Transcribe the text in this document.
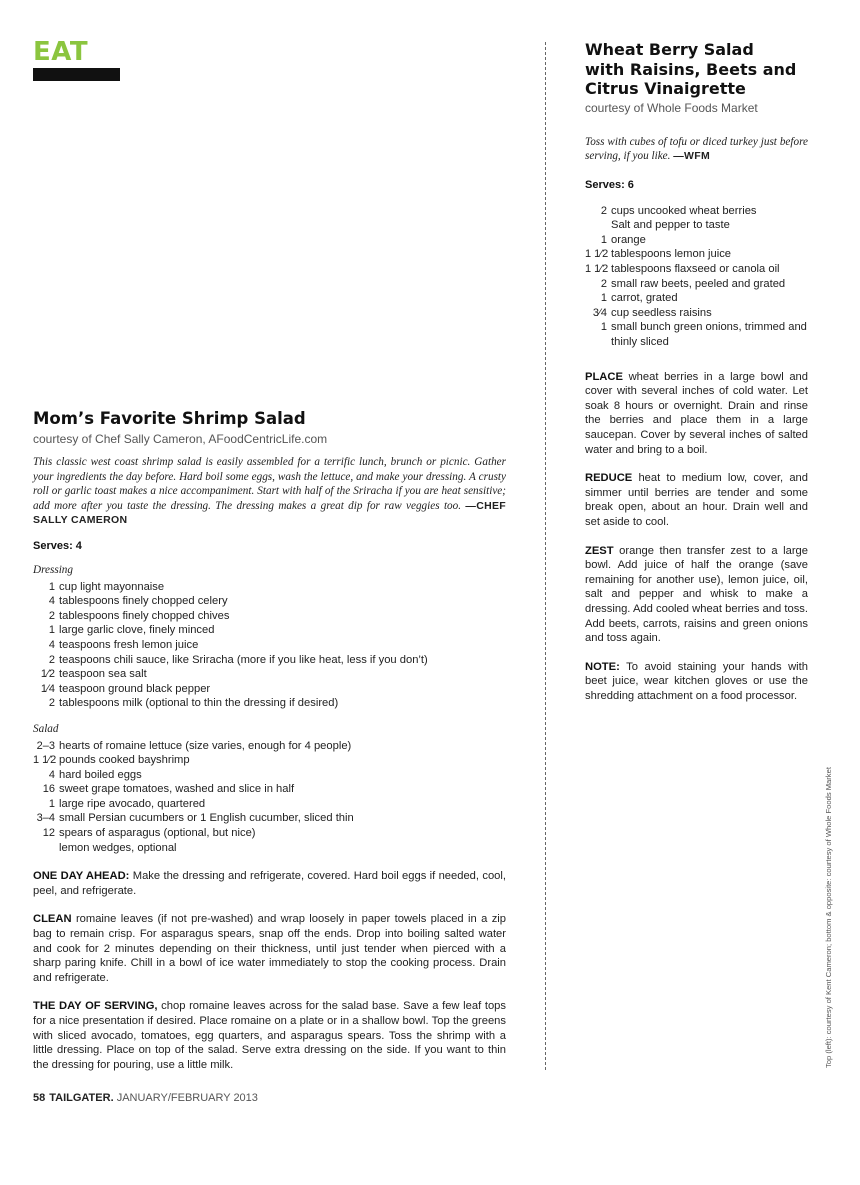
EAT
Mom’s Favorite Shrimp Salad
courtesy of Chef Sally Cameron, AFoodCentricLife.com
This classic west coast shrimp salad is easily assembled for a terrific lunch, brunch or picnic. Gather your ingredients the day before. Hard boil some eggs, wash the lettuce, and make your dressing. A crusty roll or garlic toast makes a nice accompaniment. Start with half of the Sriracha if you are heat sensitive; add more after you taste the dressing. The dressing makes a great dip for raw veggies too. —CHEF SALLY CAMERON
Serves: 4
Dressing
1 cup light mayonnaise
4 tablespoons finely chopped celery
2 tablespoons finely chopped chives
1 large garlic clove, finely minced
4 teaspoons fresh lemon juice
2 teaspoons chili sauce, like Sriracha (more if you like heat, less if you don’t)
1⁄2 teaspoon sea salt
1⁄4 teaspoon ground black pepper
2 tablespoons milk (optional to thin the dressing if desired)
Salad
2–3 hearts of romaine lettuce (size varies, enough for 4 people)
1 1⁄2 pounds cooked bayshrimp
4 hard boiled eggs
16 sweet grape tomatoes, washed and slice in half
1 large ripe avocado, quartered
3–4 small Persian cucumbers or 1 English cucumber, sliced thin
12 spears of asparagus (optional, but nice)
lemon wedges, optional
ONE DAY AHEAD: Make the dressing and refrigerate, covered. Hard boil eggs if needed, cool, peel, and refrigerate.
CLEAN romaine leaves (if not pre-washed) and wrap loosely in paper towels placed in a zip bag to remain crisp. For asparagus spears, snap off the ends. Drop into boiling salted water and cook for 2 minutes depending on their thickness, until just tender when pierced with a sharp paring knife. Chill in a bowl of ice water immediately to stop the cooking process. Drain and refrigerate.
THE DAY OF SERVING, chop romaine leaves across for the salad base. Save a few leaf tops for a nice presentation if desired. Place romaine on a plate or in a shallow bowl. Top the greens with sliced avocado, tomatoes, egg quarters, and asparagus spears. Toss the shrimp with a little dressing. Place on top of the salad. Serve extra dressing on the side. If you want to thin the dressing for pouring, use a little milk.
Wheat Berry Salad
with Raisins, Beets and
Citrus Vinaigrette
courtesy of Whole Foods Market
Toss with cubes of tofu or diced turkey just before serving, if you like. —WFM
Serves: 6
2 cups uncooked wheat berries
Salt and pepper to taste
1 orange
1 1⁄2 tablespoons lemon juice
1 1⁄2 tablespoons flaxseed or canola oil
2 small raw beets, peeled and grated
1 carrot, grated
3⁄4 cup seedless raisins
1 small bunch green onions, trimmed and thinly sliced
PLACE wheat berries in a large bowl and cover with several inches of cold water. Let soak 8 hours or overnight. Drain and rinse the berries and place them in a large saucepan. Cover by several inches of salted water and bring to a boil.
REDUCE heat to medium low, cover, and simmer until berries are tender and some break open, about an hour. Drain well and set aside to cool.
ZEST orange then transfer zest to a large bowl. Add juice of half the orange (save remaining for another use), lemon juice, oil, salt and pepper and whisk to make a dressing. Add cooled wheat berries and toss. Add beets, carrots, raisins and green onions and toss again.
NOTE: To avoid staining your hands with beet juice, wear kitchen gloves or use the shredding attachment on a food processor.
58 TAILGATER. JANUARY/FEBRUARY 2013
Top (left): courtesy of Kent Cameron; bottom & opposite: courtesy of Whole Foods Market
